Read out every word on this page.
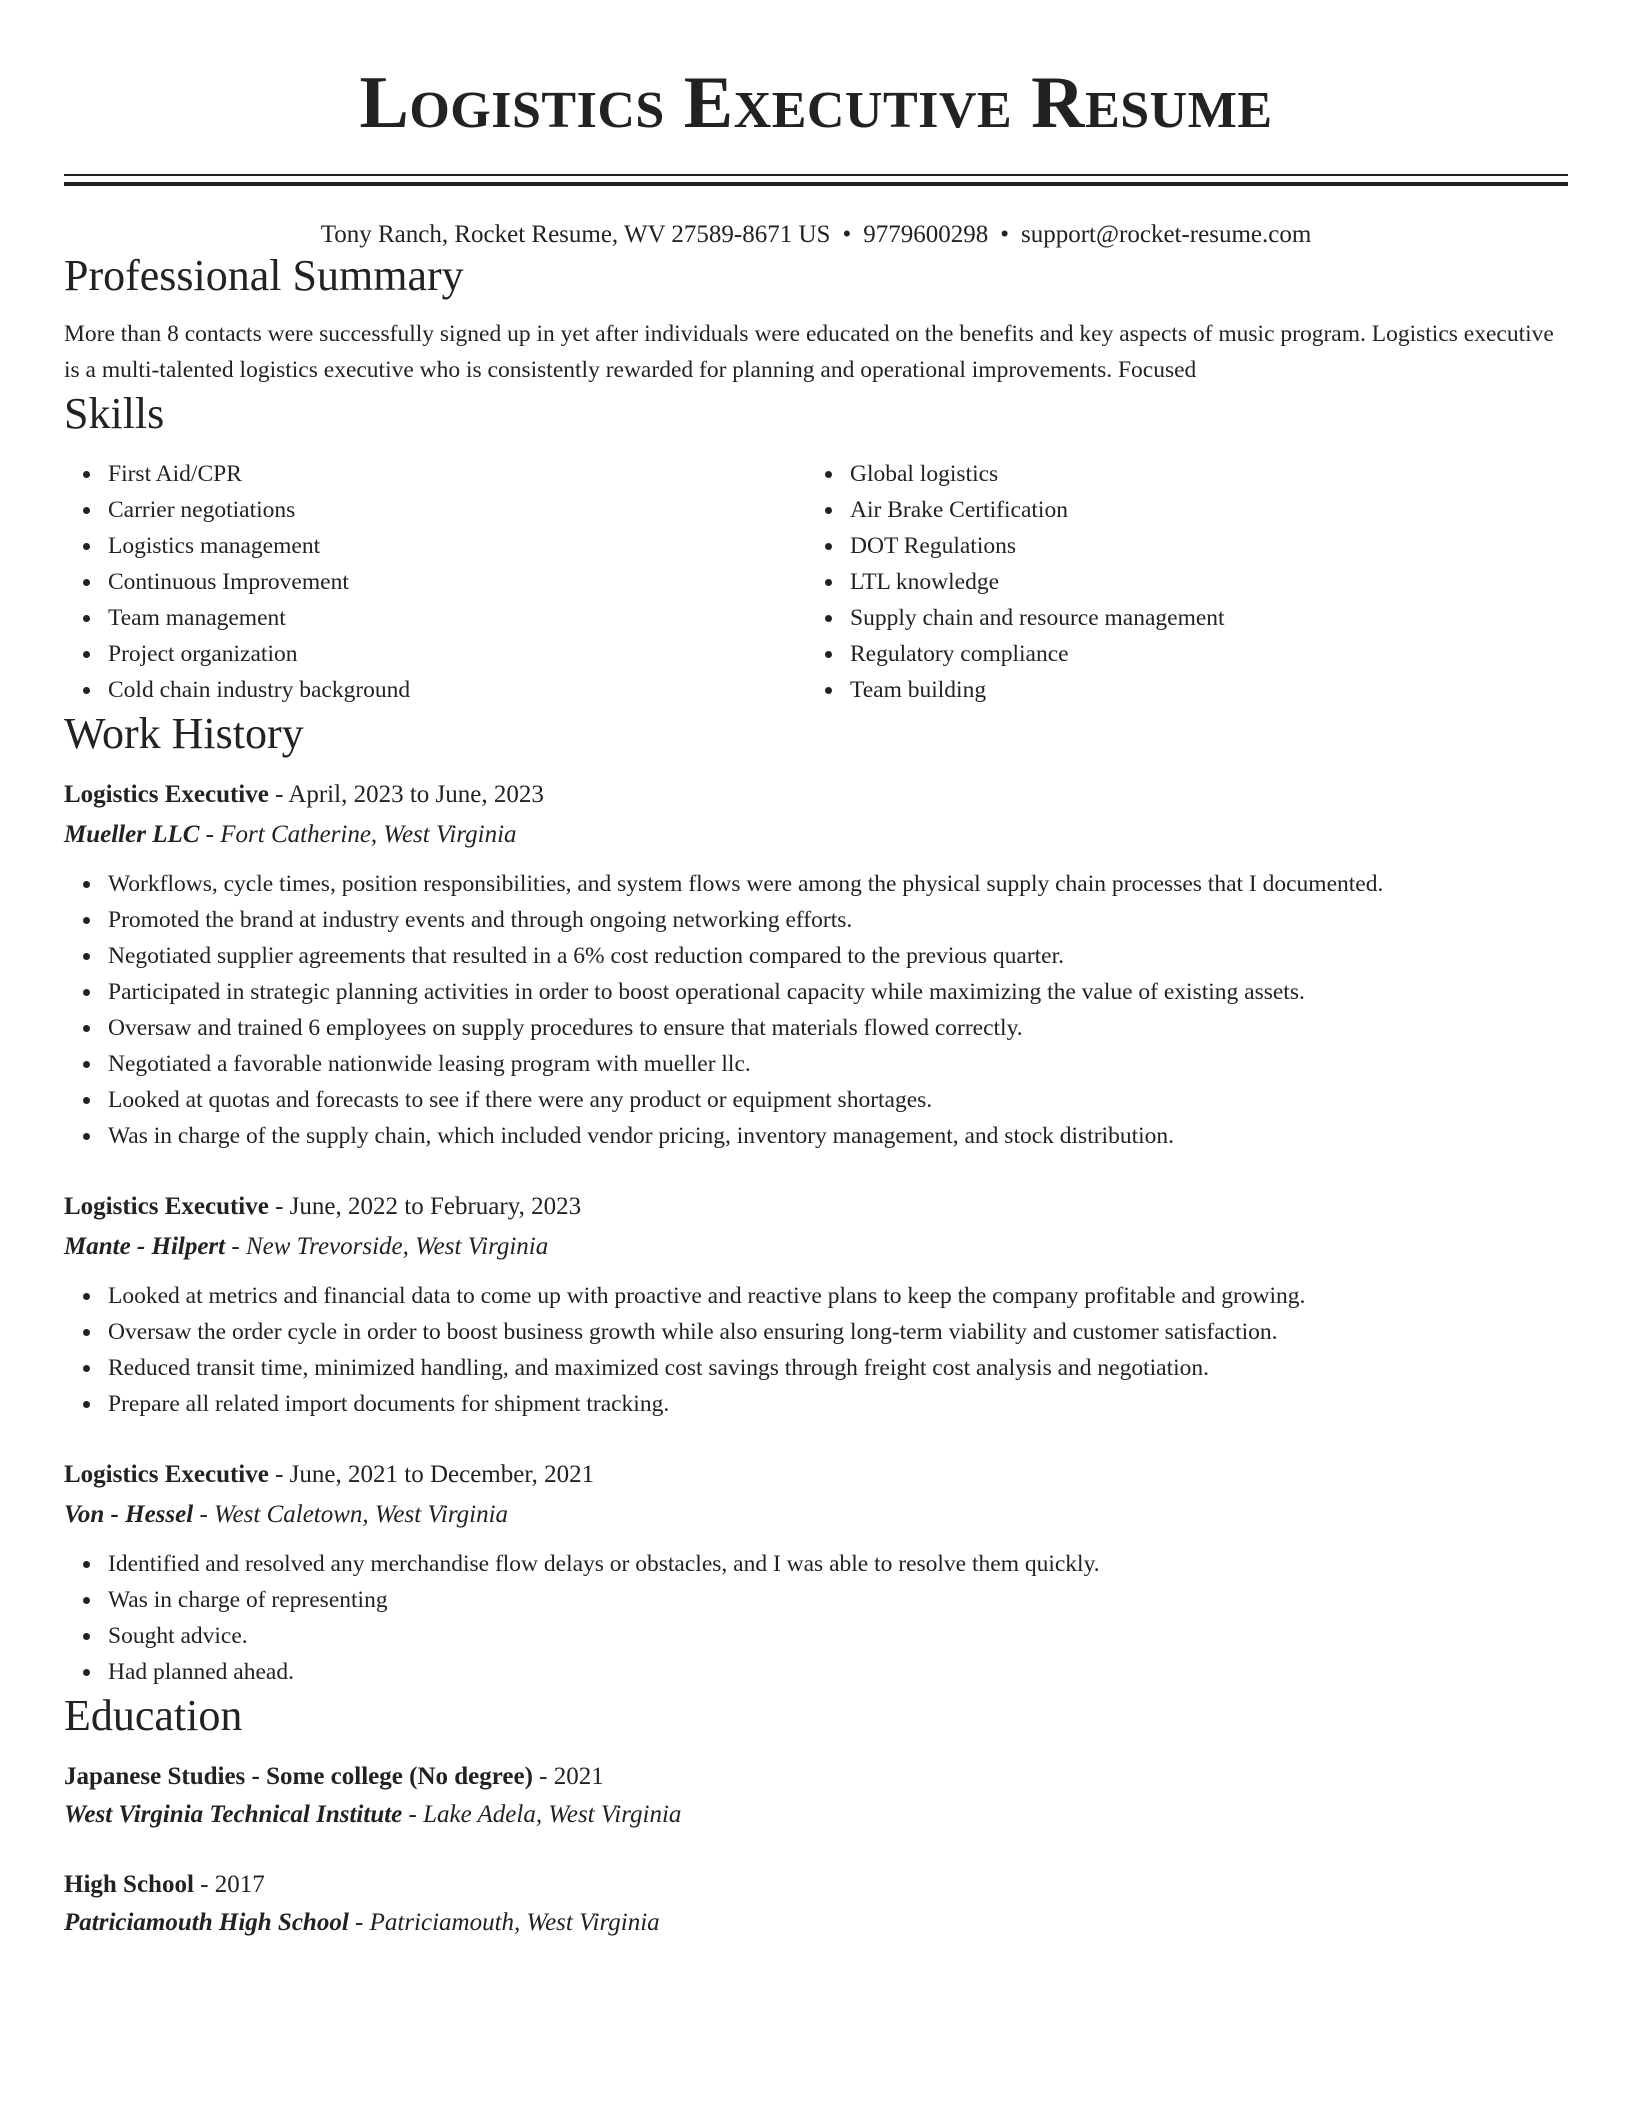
Logistics Executive Resume
Tony Ranch, Rocket Resume, WV 27589-8671 US • 9779600298 • support@rocket-resume.com
Professional Summary
More than 8 contacts were successfully signed up in yet after individuals were educated on the benefits and key aspects of music program. Logistics executive is a multi-talented logistics executive who is consistently rewarded for planning and operational improvements. Focused
Skills
First Aid/CPR
Carrier negotiations
Logistics management
Continuous Improvement
Team management
Project organization
Cold chain industry background
Global logistics
Air Brake Certification
DOT Regulations
LTL knowledge
Supply chain and resource management
Regulatory compliance
Team building
Work History
Logistics Executive - April, 2023 to June, 2023
Mueller LLC - Fort Catherine, West Virginia
Workflows, cycle times, position responsibilities, and system flows were among the physical supply chain processes that I documented.
Promoted the brand at industry events and through ongoing networking efforts.
Negotiated supplier agreements that resulted in a 6% cost reduction compared to the previous quarter.
Participated in strategic planning activities in order to boost operational capacity while maximizing the value of existing assets.
Oversaw and trained 6 employees on supply procedures to ensure that materials flowed correctly.
Negotiated a favorable nationwide leasing program with mueller llc.
Looked at quotas and forecasts to see if there were any product or equipment shortages.
Was in charge of the supply chain, which included vendor pricing, inventory management, and stock distribution.
Logistics Executive - June, 2022 to February, 2023
Mante - Hilpert - New Trevorside, West Virginia
Looked at metrics and financial data to come up with proactive and reactive plans to keep the company profitable and growing.
Oversaw the order cycle in order to boost business growth while also ensuring long-term viability and customer satisfaction.
Reduced transit time, minimized handling, and maximized cost savings through freight cost analysis and negotiation.
Prepare all related import documents for shipment tracking.
Logistics Executive - June, 2021 to December, 2021
Von - Hessel - West Caletown, West Virginia
Identified and resolved any merchandise flow delays or obstacles, and I was able to resolve them quickly.
Was in charge of representing
Sought advice.
Had planned ahead.
Education
Japanese Studies - Some college (No degree) - 2021
West Virginia Technical Institute - Lake Adela, West Virginia
High School - 2017
Patriciamouth High School - Patriciamouth, West Virginia
